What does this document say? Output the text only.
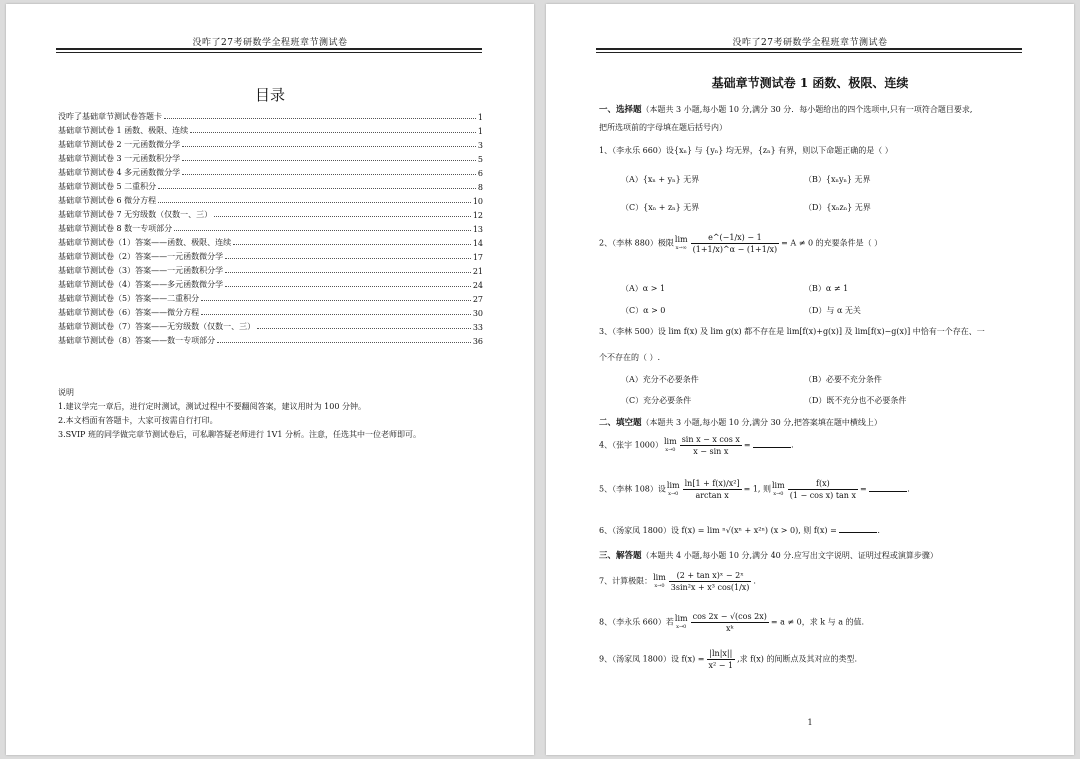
没咋了27考研数学全程班章节测试卷
目录
没咋了基础章节测试卷答题卡	1
基础章节测试卷 1 函数、极限、连续	1
基础章节测试卷 2 一元函数微分学	3
基础章节测试卷 3 一元函数积分学	5
基础章节测试卷 4 多元函数微分学	6
基础章节测试卷 5 二重积分	8
基础章节测试卷 6 微分方程	10
基础章节测试卷 7 无穷级数（仅数一、三）	12
基础章节测试卷 8 数一专项部分	13
基础章节测试卷（1）答案——函数、极限、连续	14
基础章节测试卷（2）答案——一元函数微分学	17
基础章节测试卷（3）答案——一元函数积分学	21
基础章节测试卷（4）答案——多元函数微分学	24
基础章节测试卷（5）答案——二重积分	27
基础章节测试卷（6）答案——微分方程	30
基础章节测试卷（7）答案——无穷级数（仅数一、三）	33
基础章节测试卷（8）答案——数一专项部分	36
说明
1.建议学完一章后，进行定时测试，测试过程中不要翻阅答案，建议用时为 100 分钟。
2.本文档面有答题卡，大家可按需自行打印。
3.SVIP 班的同学做完章节测试卷后，可私聊答疑老师进行 1V1 分析。注意，任选其中一位老师即可。
没咋了27考研数学全程班章节测试卷
基础章节测试卷 1 函数、极限、连续
一、选择题（本题共 3 小题,每小题 10 分,满分 30 分．每小题给出的四个选项中,只有一项符合题目要求,
把所选项前的字母填在题后括号内）
1、（李永乐 660）设{xₙ} 与 {yₙ} 均无界，{zₙ} 有界，则以下命题正确的是（ ）
（A）{xₙ + yₙ} 无界	（B）{xₙyₙ} 无界
（C）{xₙ + zₙ} 无界	（D）{xₙzₙ} 无界
2、（李林 880）极限lim
$x\to\infty \frac{e\^{}(-1/x) - 1}{(1+1/x)\^{}\alpha - (1+1/x)} = A \ne 0$ 的充要条件是（ ）
（A）α > 1	（B）α ≠ 1
（C）α > 0	（D）与 α 无关
3、（李林 500）设 lim f(x) 及 lim g(x) 都不存在是 lim[f(x)+g(x)] 及 lim[f(x)−g(x)] 中恰有一个存在、一
个不存在的（ ）.
（A）充分不必要条件	（B）必要不充分条件
（C）充分必要条件	（D）既不充分也不必要条件
二、填空题（本题共 3 小题,每小题 10 分,满分 30 分,把答案填在题中横线上）
4、（张宇 1000）lim
$x\to 0 \frac{\text{sin x − x cos x}}{\text{x − sin x}}$ =	.
5、（李林 108）设lim
$x\to 0 \frac{\text{ln[1 + f(x)/x²]}}{\text{arctan x}} = 1$, 则lim
$x\to 0 \frac{f(x)}{\text{(1 − cos x) tan x}}$ =	.
6、（汤家凤 1800）设 f(x) = lim ⁿ√(xⁿ + x²ⁿ) (x > 0), 则 f(x) =	.
三、解答题（本题共 4 小题,每小题 10 分,满分 40 分.应写出文字说明、证明过程或演算步骤）
7、计算极限：lim
$x\to 0 \frac{\text{(2 + tan x)ˣ − 2ˣ}}{\text{3sin²x + x³ cos(1/x)}}$ .
8、（李永乐 660）若lim
$x\to 0 \frac{\cos 2x - √(\cos 2x)}{\text{xᵏ}} = a \ne 0$，求 k 与 a 的值.
9、（汤家凤 1800）设 $f(x) = \frac{|\ln|x||}{\text{x² − 1}}$ ,求 f(x) 的间断点及其对应的类型.
1
